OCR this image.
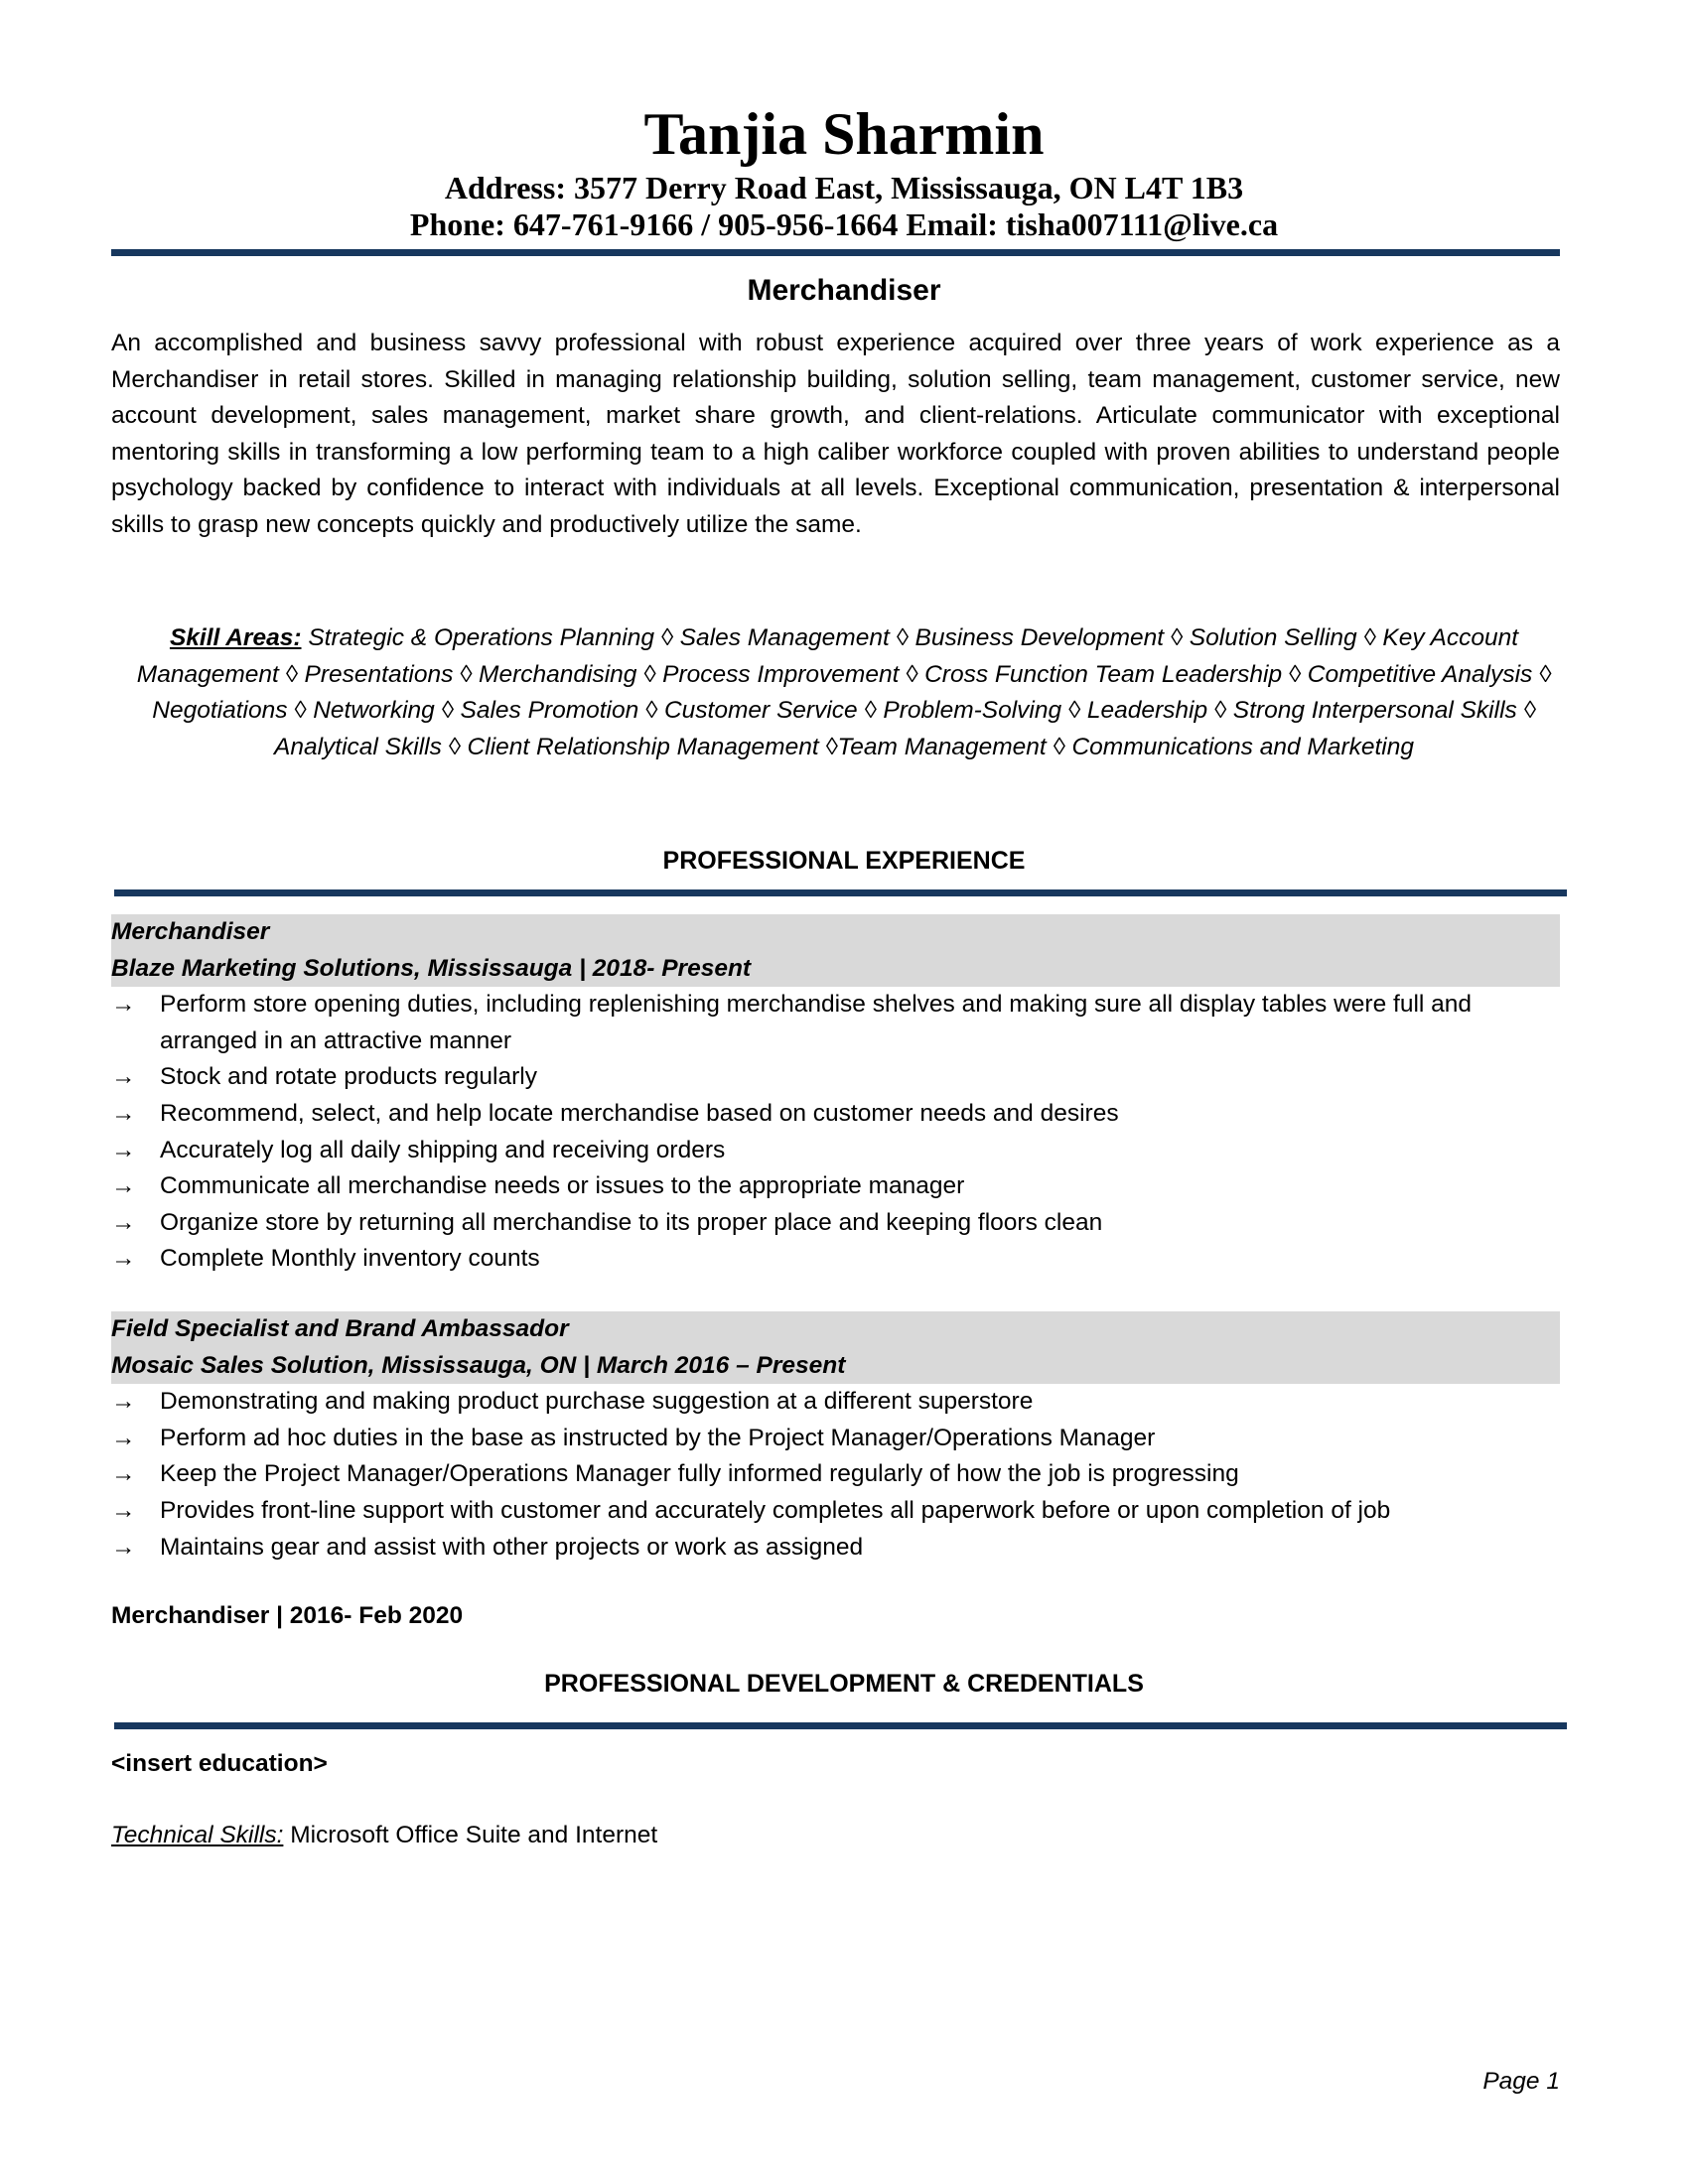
Tanjia Sharmin
Address: 3577 Derry Road East, Mississauga, ON L4T 1B3
Phone: 647-761-9166 / 905-956-1664 Email: tisha007111@live.ca
Merchandiser
An accomplished and business savvy professional with robust experience acquired over three years of work experience as a Merchandiser in retail stores. Skilled in managing relationship building, solution selling, team management, customer service, new account development, sales management, market share growth, and client-relations. Articulate communicator with exceptional mentoring skills in transforming a low performing team to a high caliber workforce coupled with proven abilities to understand people psychology backed by confidence to interact with individuals at all levels. Exceptional communication, presentation & interpersonal skills to grasp new concepts quickly and productively utilize the same.
Skill Areas: Strategic & Operations Planning ◊ Sales Management ◊ Business Development ◊ Solution Selling ◊ Key Account Management ◊ Presentations ◊ Merchandising ◊ Process Improvement ◊ Cross Function Team Leadership ◊ Competitive Analysis ◊ Negotiations ◊ Networking ◊ Sales Promotion ◊ Customer Service ◊ Problem-Solving ◊ Leadership ◊ Strong Interpersonal Skills ◊ Analytical Skills ◊ Client Relationship Management ◊Team Management ◊ Communications and Marketing
PROFESSIONAL EXPERIENCE
Merchandiser
Blaze Marketing Solutions, Mississauga | 2018- Present
→ Perform store opening duties, including replenishing merchandise shelves and making sure all display tables were full and arranged in an attractive manner
→ Stock and rotate products regularly
→ Recommend, select, and help locate merchandise based on customer needs and desires
→ Accurately log all daily shipping and receiving orders
→ Communicate all merchandise needs or issues to the appropriate manager
→ Organize store by returning all merchandise to its proper place and keeping floors clean
→ Complete Monthly inventory counts
Field Specialist and Brand Ambassador
Mosaic Sales Solution, Mississauga, ON | March 2016 – Present
→ Demonstrating and making product purchase suggestion at a different superstore
→ Perform ad hoc duties in the base as instructed by the Project Manager/Operations Manager
→ Keep the Project Manager/Operations Manager fully informed regularly of how the job is progressing
→ Provides front-line support with customer and accurately completes all paperwork before or upon completion of job
→ Maintains gear and assist with other projects or work as assigned
Merchandiser | 2016- Feb 2020
PROFESSIONAL DEVELOPMENT & CREDENTIALS
<insert education>
Technical Skills: Microsoft Office Suite and Internet
Page 1
